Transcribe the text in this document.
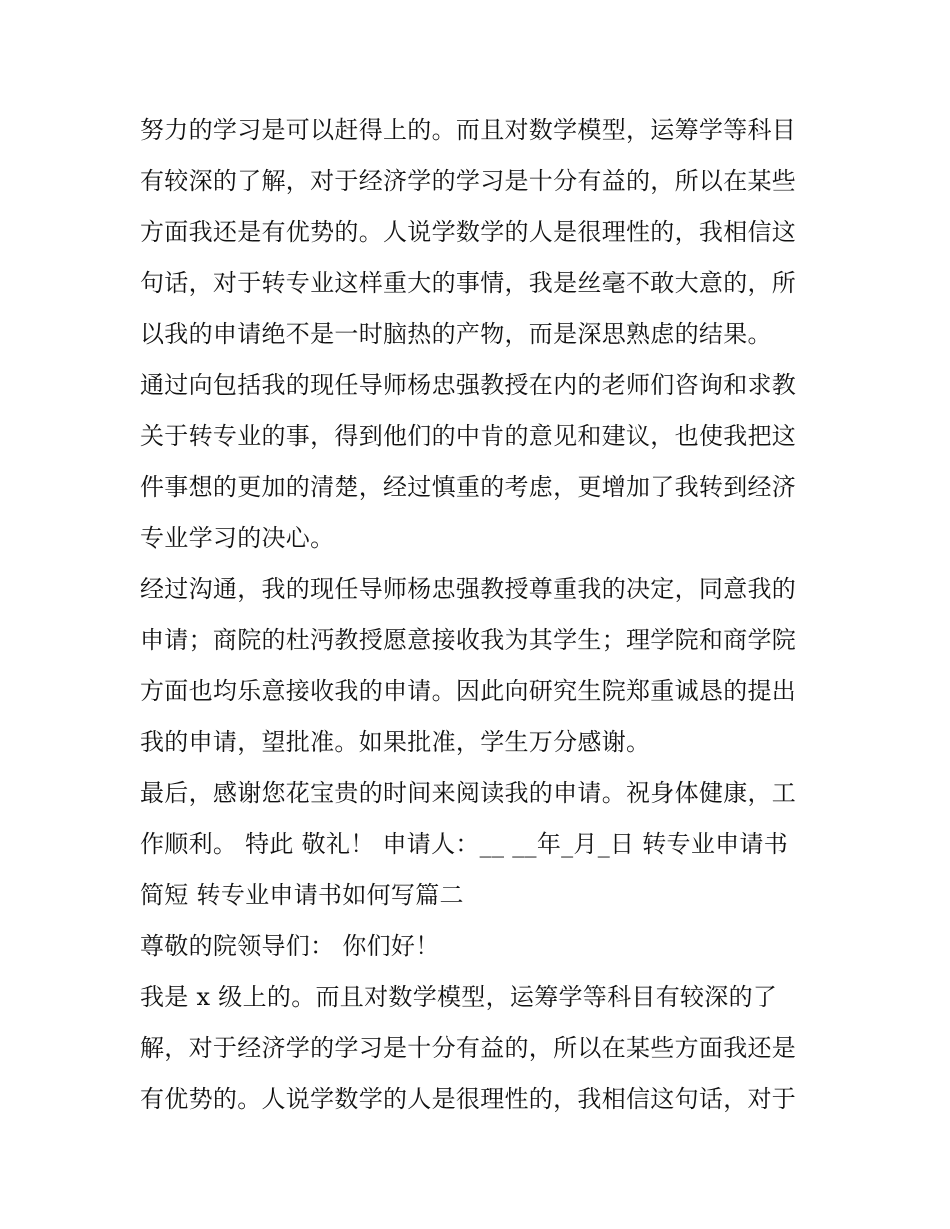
努力的学习是可以赶得上的。而且对数学模型，运筹学等科目
有较深的了解，对于经济学的学习是十分有益的，所以在某些
方面我还是有优势的。人说学数学的人是很理性的，我相信这
句话，对于转专业这样重大的事情，我是丝毫不敢大意的，所
以我的申请绝不是一时脑热的产物，而是深思熟虑的结果。
通过向包括我的现任导师杨忠强教授在内的老师们咨询和求教
关于转专业的事，得到他们的中肯的意见和建议，也使我把这
件事想的更加的清楚，经过慎重的考虑，更增加了我转到经济
专业学习的决心。
经过沟通，我的现任导师杨忠强教授尊重我的决定，同意我的
申请；商院的杜沔教授愿意接收我为其学生；理学院和商学院
方面也均乐意接收我的申请。因此向研究生院郑重诚恳的提出
我的申请，望批准。如果批准，学生万分感谢。
最后，感谢您花宝贵的时间来阅读我的申请。祝身体健康，工
作顺利。 特此 敬礼！ 申请人：__ __年_月_日 转专业申请书
简短 转专业申请书如何写篇二
尊敬的院领导们： 你们好！
我是 x 级上的。而且对数学模型，运筹学等科目有较深的了
解，对于经济学的学习是十分有益的，所以在某些方面我还是
有优势的。人说学数学的人是很理性的，我相信这句话，对于
